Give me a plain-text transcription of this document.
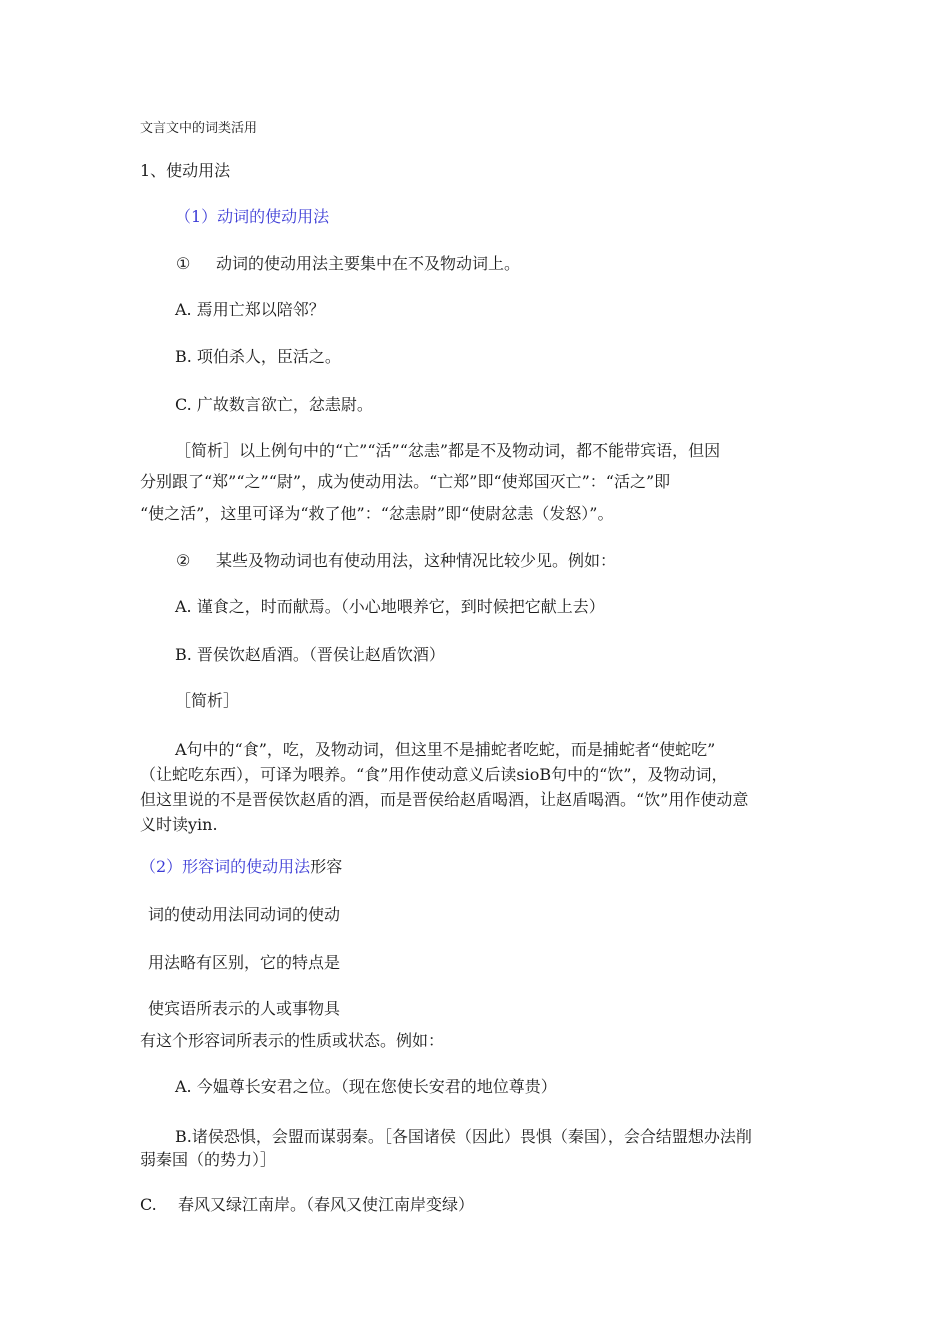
文言文中的词类活用
1、使动用法
（1）动词的使动用法
① 动词的使动用法主要集中在不及物动词上。
A. 焉用亡郑以陪邻？
B. 项伯杀人，臣活之。
C. 广故数言欲亡，忿恚尉。
［简析］以上例句中的“亡”“活”“忿恚”都是不及物动词，都不能带宾语，但因
分别跟了“郑”“之”“尉”，成为使动用法。“亡郑”即“使郑国灭亡”：“活之”即
“使之活”，这里可译为“救了他”：“忿恚尉”即“使尉忿恚（发怒）”。
② 某些及物动词也有使动用法，这种情况比较少见。例如：
A. 谨食之，时而献焉。（小心地喂养它，到时候把它献上去）
B. 晋侯饮赵盾酒。（晋侯让赵盾饮酒）
［简析］
A句中的“食”，吃，及物动词，但这里不是捕蛇者吃蛇，而是捕蛇者“使蛇吃”
（让蛇吃东西），可译为喂养。“食”用作使动意义后读sioB句中的“饮”，及物动词，
但这里说的不是晋侯饮赵盾的酒，而是晋侯给赵盾喝酒，让赵盾喝酒。“饮”用作使动意
义时读yin.
（2）形容词的使动用法形容
词的使动用法同动词的使动
用法略有区别，它的特点是
使宾语所表示的人或事物具
有这个形容词所表示的性质或状态。例如：
A. 今媪尊长安君之位。（现在您使长安君的地位尊贵）
B.诸侯恐惧，会盟而谋弱秦。［各国诸侯（因此）畏惧（秦国），会合结盟想办法削
弱秦国（的势力）］
C. 春风又绿江南岸。（春风又使江南岸变绿）
